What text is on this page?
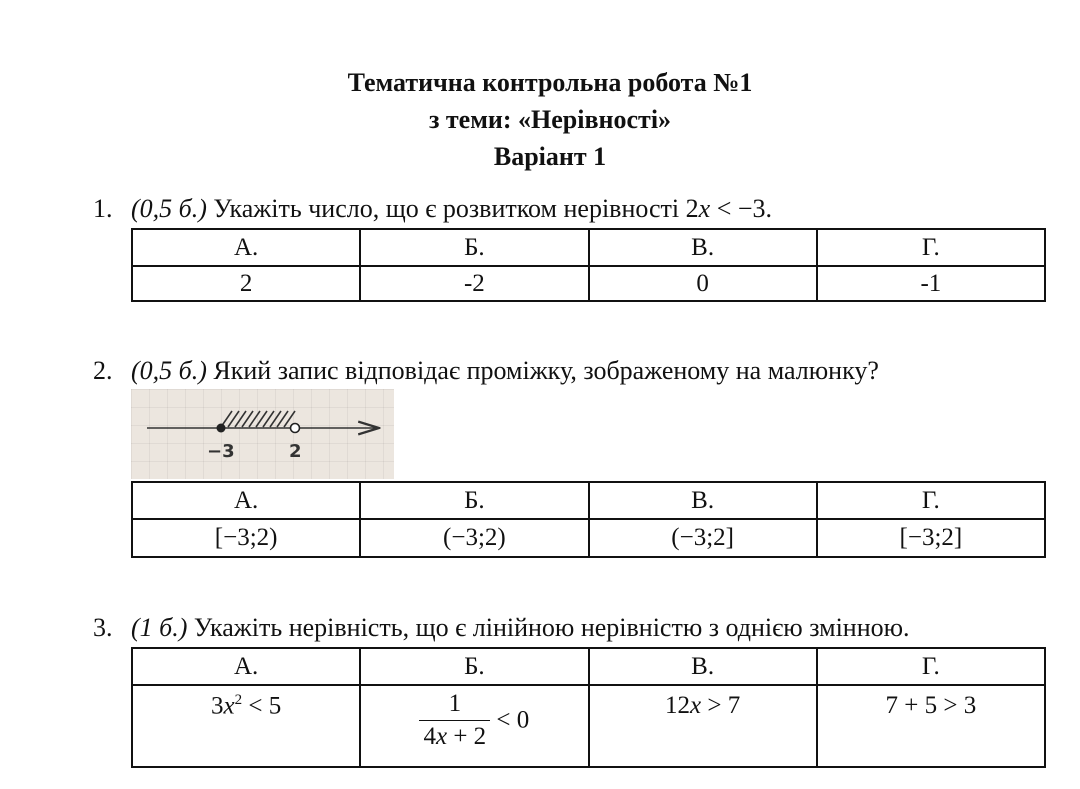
Тематична контрольна робота №1
з теми: «Нерівності»
Варіант 1
1. (0,5 б.) Укажіть число, що є розвитком нерівності 2x < −3.
А.	Б.	В.	Г.
2	-2	0	-1
2. (0,5 б.) Який запис відповідає проміжку, зображеному на малюнку?
−3	2
А.	Б.	В.	Г.
[−3;2)	(−3;2)	(−3;2]	[−3;2]
3. (1 б.) Укажіть нерівність, що є лінійною нерівністю з однією змінною.
А.	Б.	В.	Г.
$3x^2 < 5$	$\frac{1}{4x + 2} < 0$	12x > 7	7 + 5 > 3
